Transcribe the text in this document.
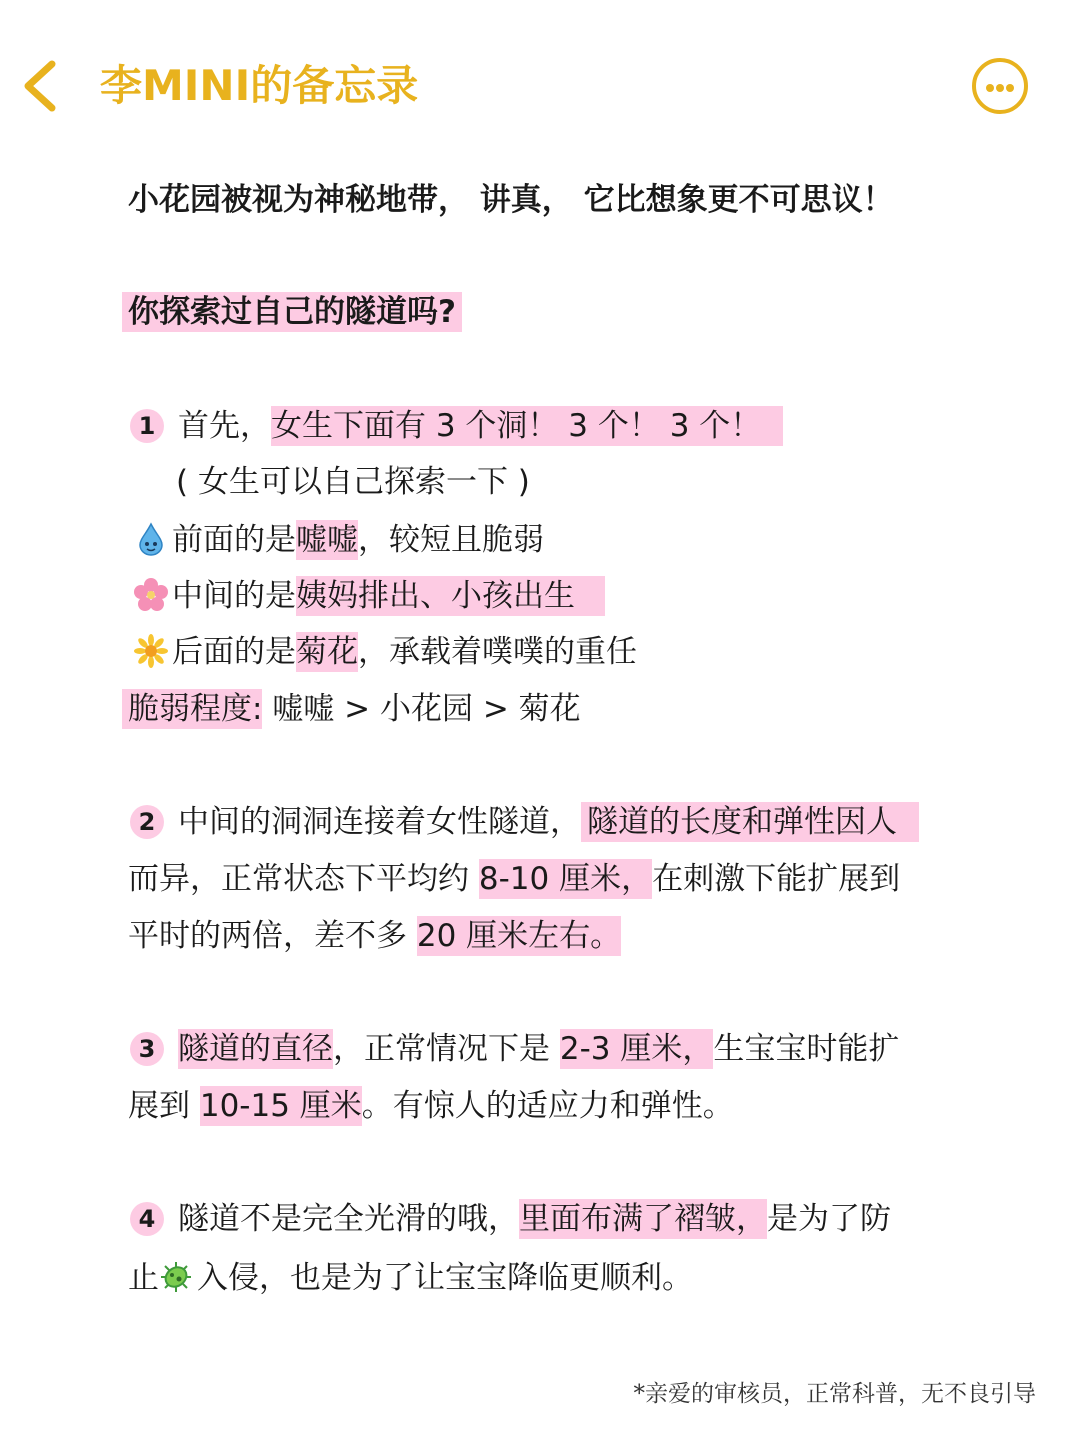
李MINI的备忘录
小花园被视为神秘地带， 讲真， 它比想象更不可思议！
你探索过自己的隧道吗?
1 首先，女生下面有 3 个洞！ 3 个！ 3 个！
( 女生可以自己探索一下 )
前面的是嘘嘘，较短且脆弱
中间的是姨妈排出、小孩出生
后面的是菊花，承载着噗噗的重任
脆弱程度: 嘘嘘 > 小花园 > 菊花
2 中间的洞洞连接着女性隧道， 隧道的长度和弹性因人
而异，正常状态下平均约 8-10 厘米，在刺激下能扩展到
平时的两倍，差不多 20 厘米左右。
3 隧道的直径，正常情况下是 2-3 厘米，生宝宝时能扩
展到 10-15 厘米。有惊人的适应力和弹性。
4 隧道不是完全光滑的哦，里面布满了褶皱，是为了防
止 入侵，也是为了让宝宝降临更顺利。
*亲爱的审核员，正常科普，无不良引导
